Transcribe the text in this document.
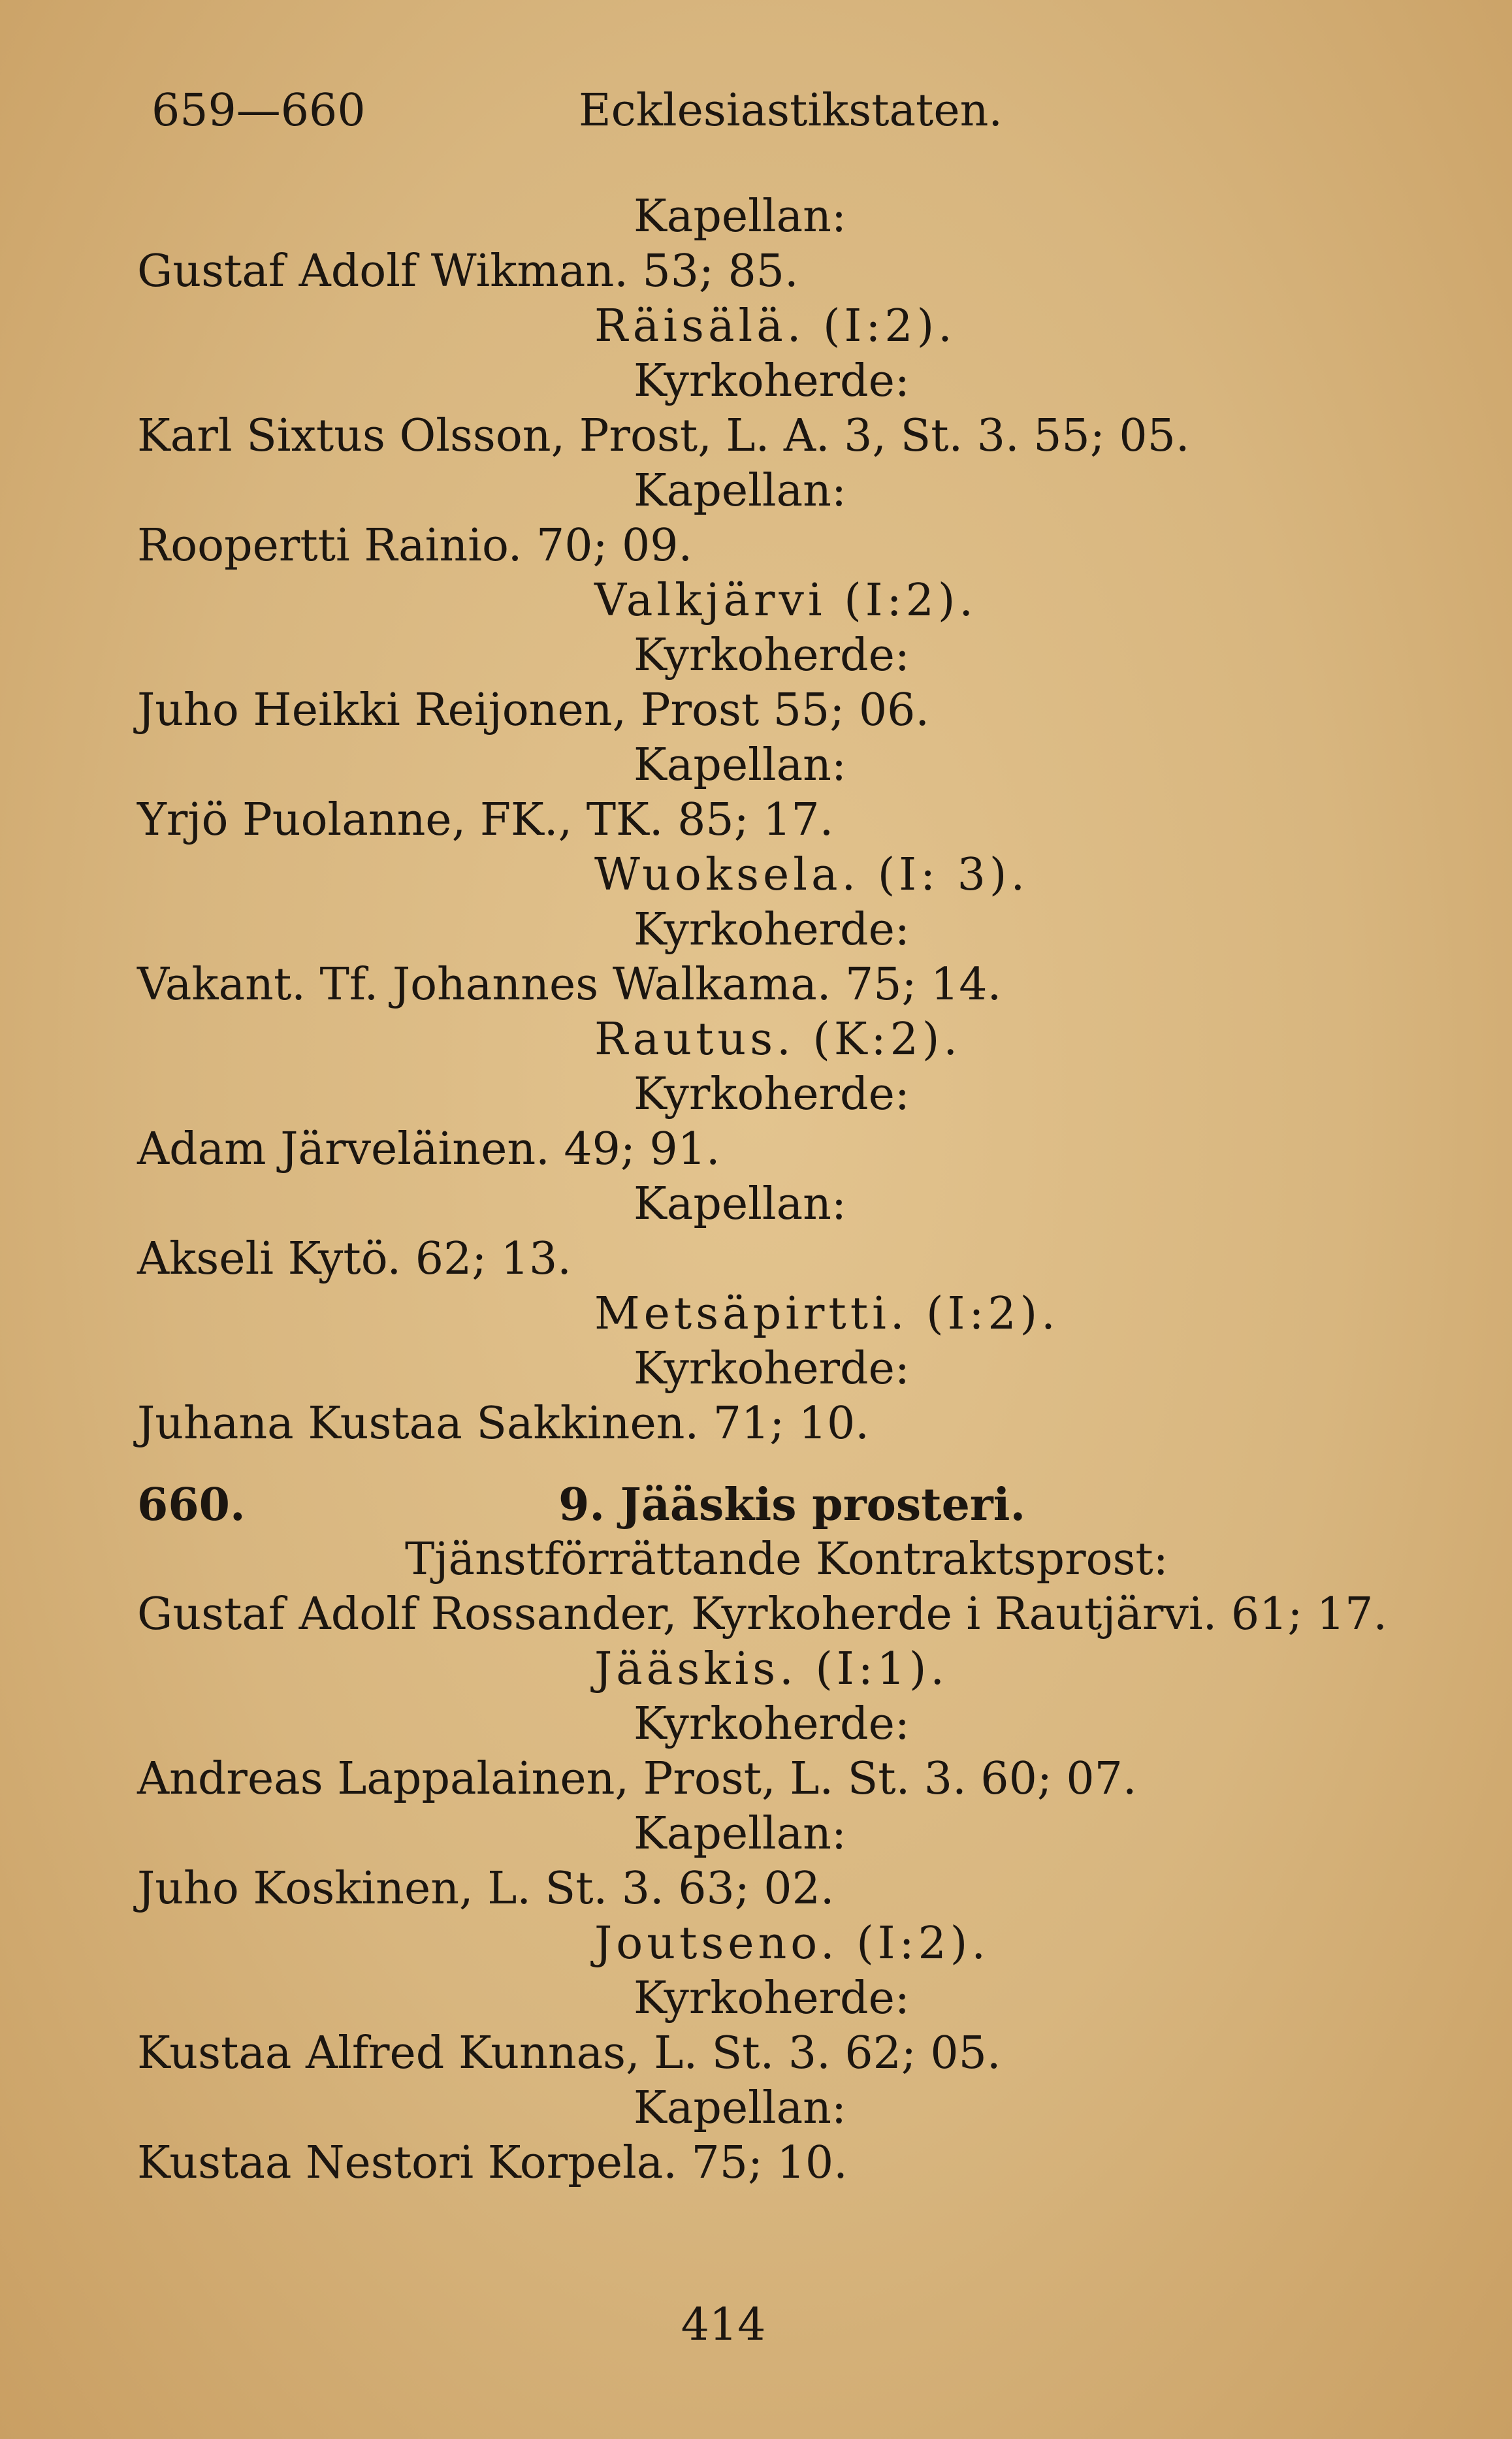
659—660	Ecklesiastikstaten.
Kapellan:
Gustaf Adolf Wikman. 53; 85.
Räisälä. (I:2).
Kyrkoherde:
Karl Sixtus Olsson, Prost, L. A. 3, St. 3. 55; 05.
Kapellan:
Roopertti Rainio. 70; 09.
Valkjärvi (I:2).
Kyrkoherde:
Juho Heikki Reijonen, Prost 55; 06.
Kapellan:
Yrjö Puolanne, FK., TK. 85; 17.
Wuoksela. (I: 3).
Kyrkoherde:
Vakant. Tf. Johannes Walkama. 75; 14.
Rautus. (K:2).
Kyrkoherde:
Adam Järveläinen. 49; 91.
Kapellan:
Akseli Kytö. 62; 13.
Metsäpirtti. (I:2).
Kyrkoherde:
Juhana Kustaa Sakkinen. 71; 10.
660.	9. Jääskis prosteri.
Tjänstförrättande Kontraktsprost:
Gustaf Adolf Rossander, Kyrkoherde i Rautjärvi. 61; 17.
Jääskis. (I:1).
Kyrkoherde:
Andreas Lappalainen, Prost, L. St. 3. 60; 07.
Kapellan:
Juho Koskinen, L. St. 3. 63; 02.
Joutseno. (I:2).
Kyrkoherde:
Kustaa Alfred Kunnas, L. St. 3. 62; 05.
Kapellan:
Kustaa Nestori Korpela. 75; 10.
414
